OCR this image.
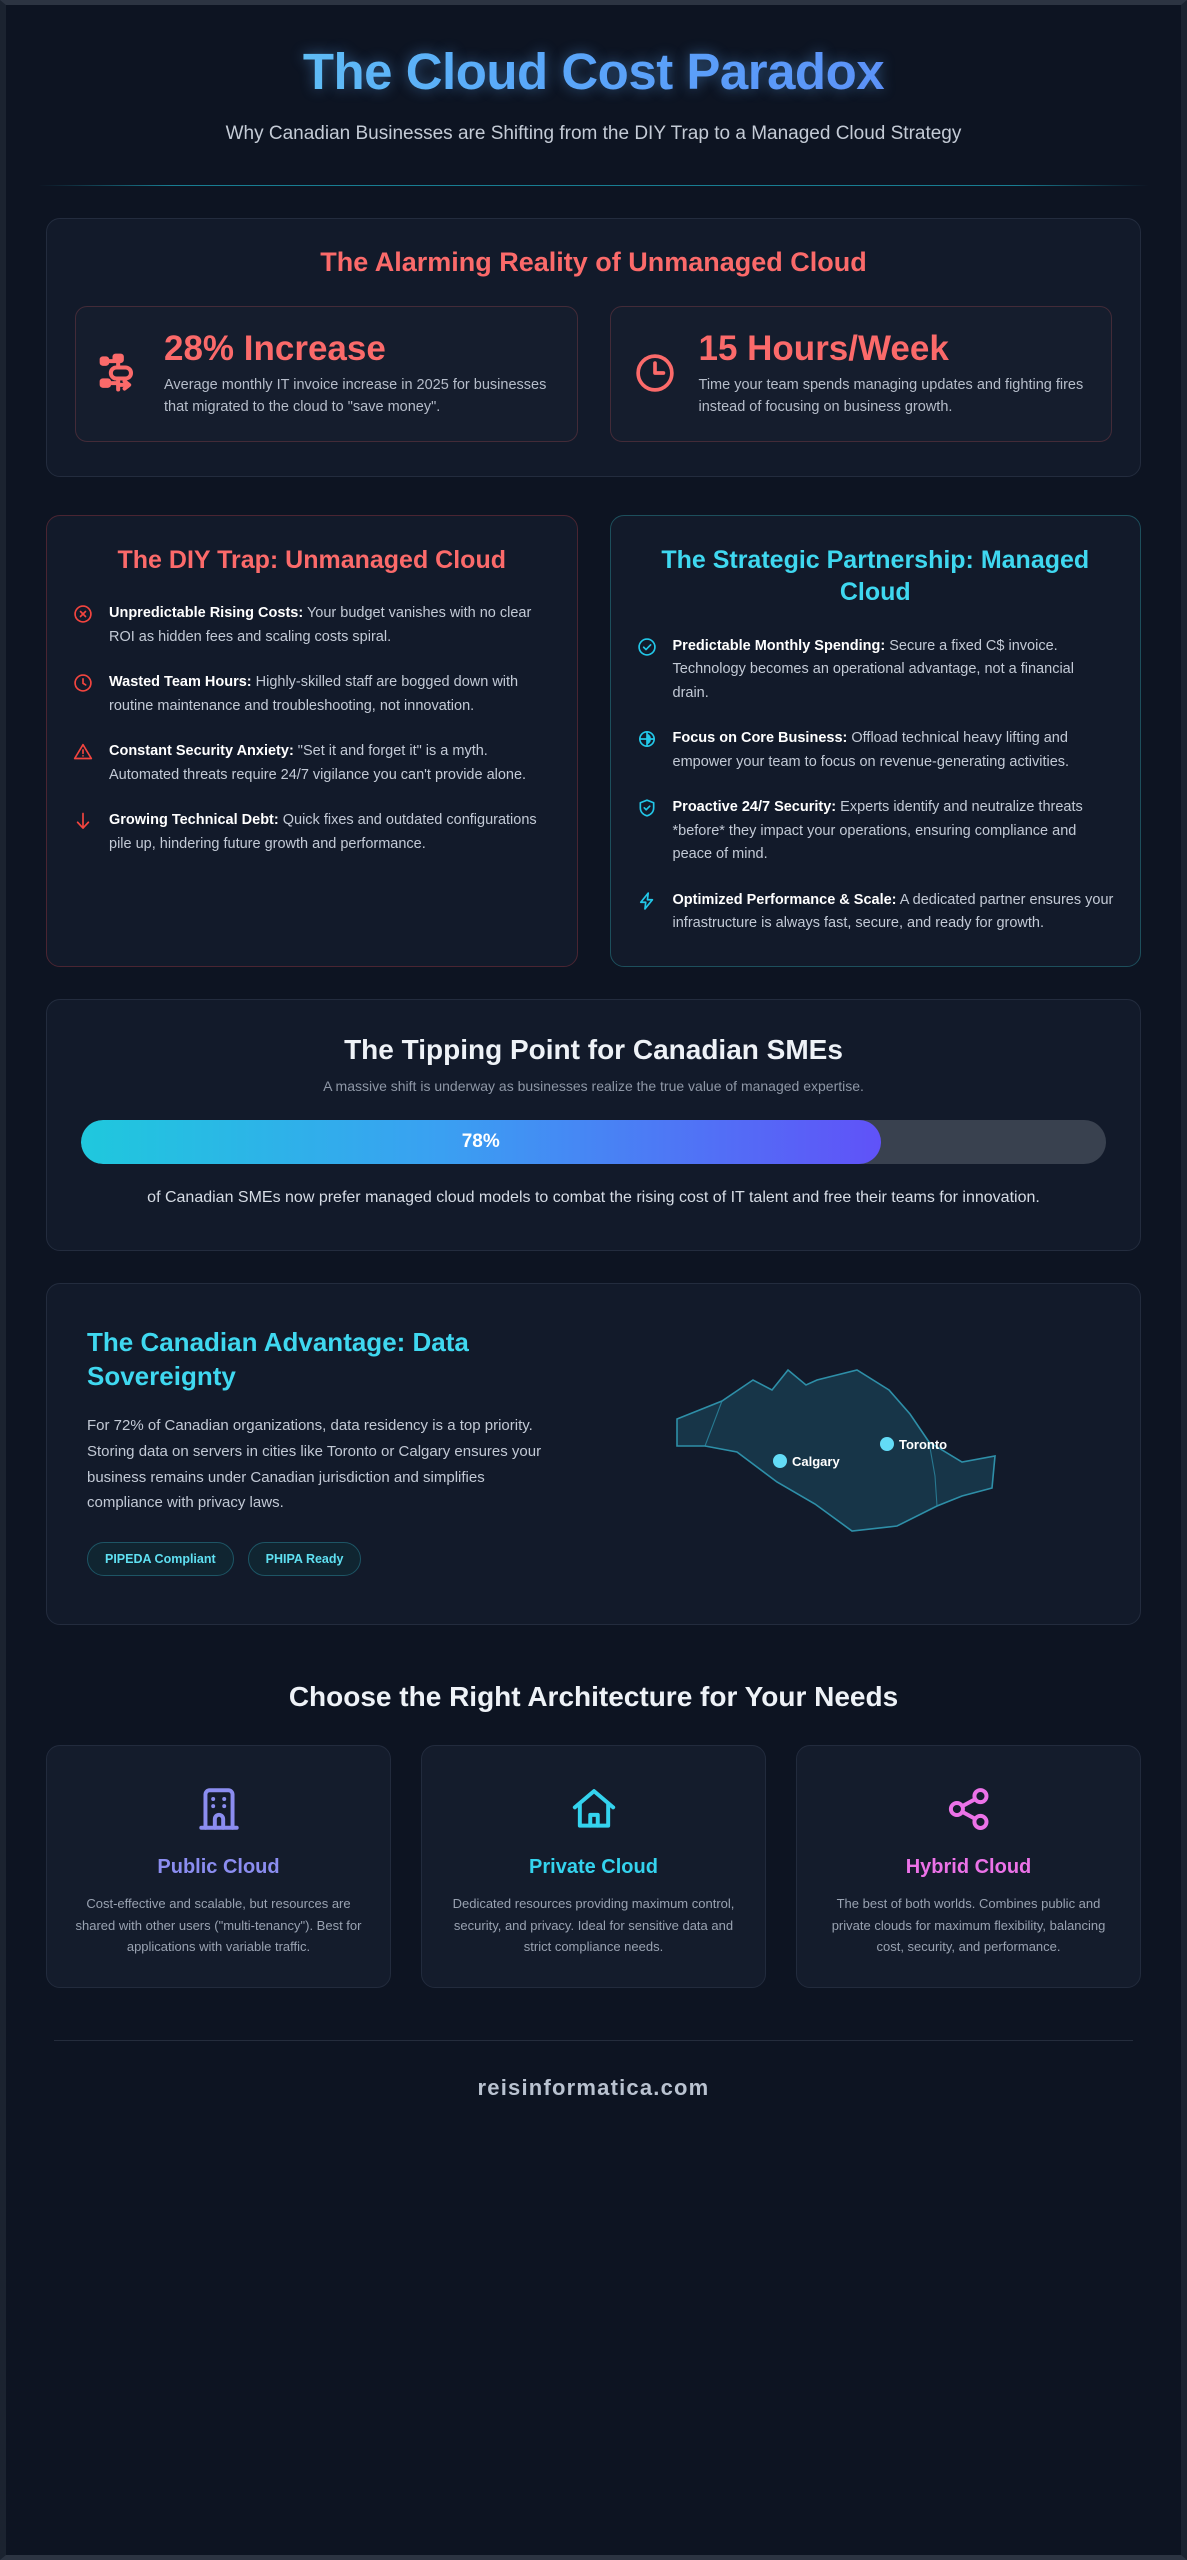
The Cloud Cost Paradox
Why Canadian Businesses are Shifting from the DIY Trap to a Managed Cloud Strategy
The Alarming Reality of Unmanaged Cloud
28% Increase
Average monthly IT invoice increase in 2025 for businesses that migrated to the cloud to "save money".
15 Hours/Week
Time your team spends managing updates and fighting fires instead of focusing on business growth.
The DIY Trap: Unmanaged Cloud
Unpredictable Rising Costs: Your budget vanishes with no clear ROI as hidden fees and scaling costs spiral.
Wasted Team Hours: Highly-skilled staff are bogged down with routine maintenance and troubleshooting, not innovation.
Constant Security Anxiety: "Set it and forget it" is a myth. Automated threats require 24/7 vigilance you can't provide alone.
Growing Technical Debt: Quick fixes and outdated configurations pile up, hindering future growth and performance.
The Strategic Partnership: Managed Cloud
Predictable Monthly Spending: Secure a fixed C$ invoice. Technology becomes an operational advantage, not a financial drain.
Focus on Core Business: Offload technical heavy lifting and empower your team to focus on revenue-generating activities.
Proactive 24/7 Security: Experts identify and neutralize threats *before* they impact your operations, ensuring compliance and peace of mind.
Optimized Performance & Scale: A dedicated partner ensures your infrastructure is always fast, secure, and ready for growth.
The Tipping Point for Canadian SMEs
A massive shift is underway as businesses realize the true value of managed expertise.
78%
of Canadian SMEs now prefer managed cloud models to combat the rising cost of IT talent and free their teams for innovation.
The Canadian Advantage: Data Sovereignty
For 72% of Canadian organizations, data residency is a top priority. Storing data on servers in cities like Toronto or Calgary ensures your business remains under Canadian jurisdiction and simplifies compliance with privacy laws.
PIPEDA Compliant	PHIPA Ready
Toronto
Calgary
Choose the Right Architecture for Your Needs
Public Cloud
Cost-effective and scalable, but resources are shared with other users ("multi-tenancy"). Best for applications with variable traffic.
Private Cloud
Dedicated resources providing maximum control, security, and privacy. Ideal for sensitive data and strict compliance needs.
Hybrid Cloud
The best of both worlds. Combines public and private clouds for maximum flexibility, balancing cost, security, and performance.
reisinformatica.com
